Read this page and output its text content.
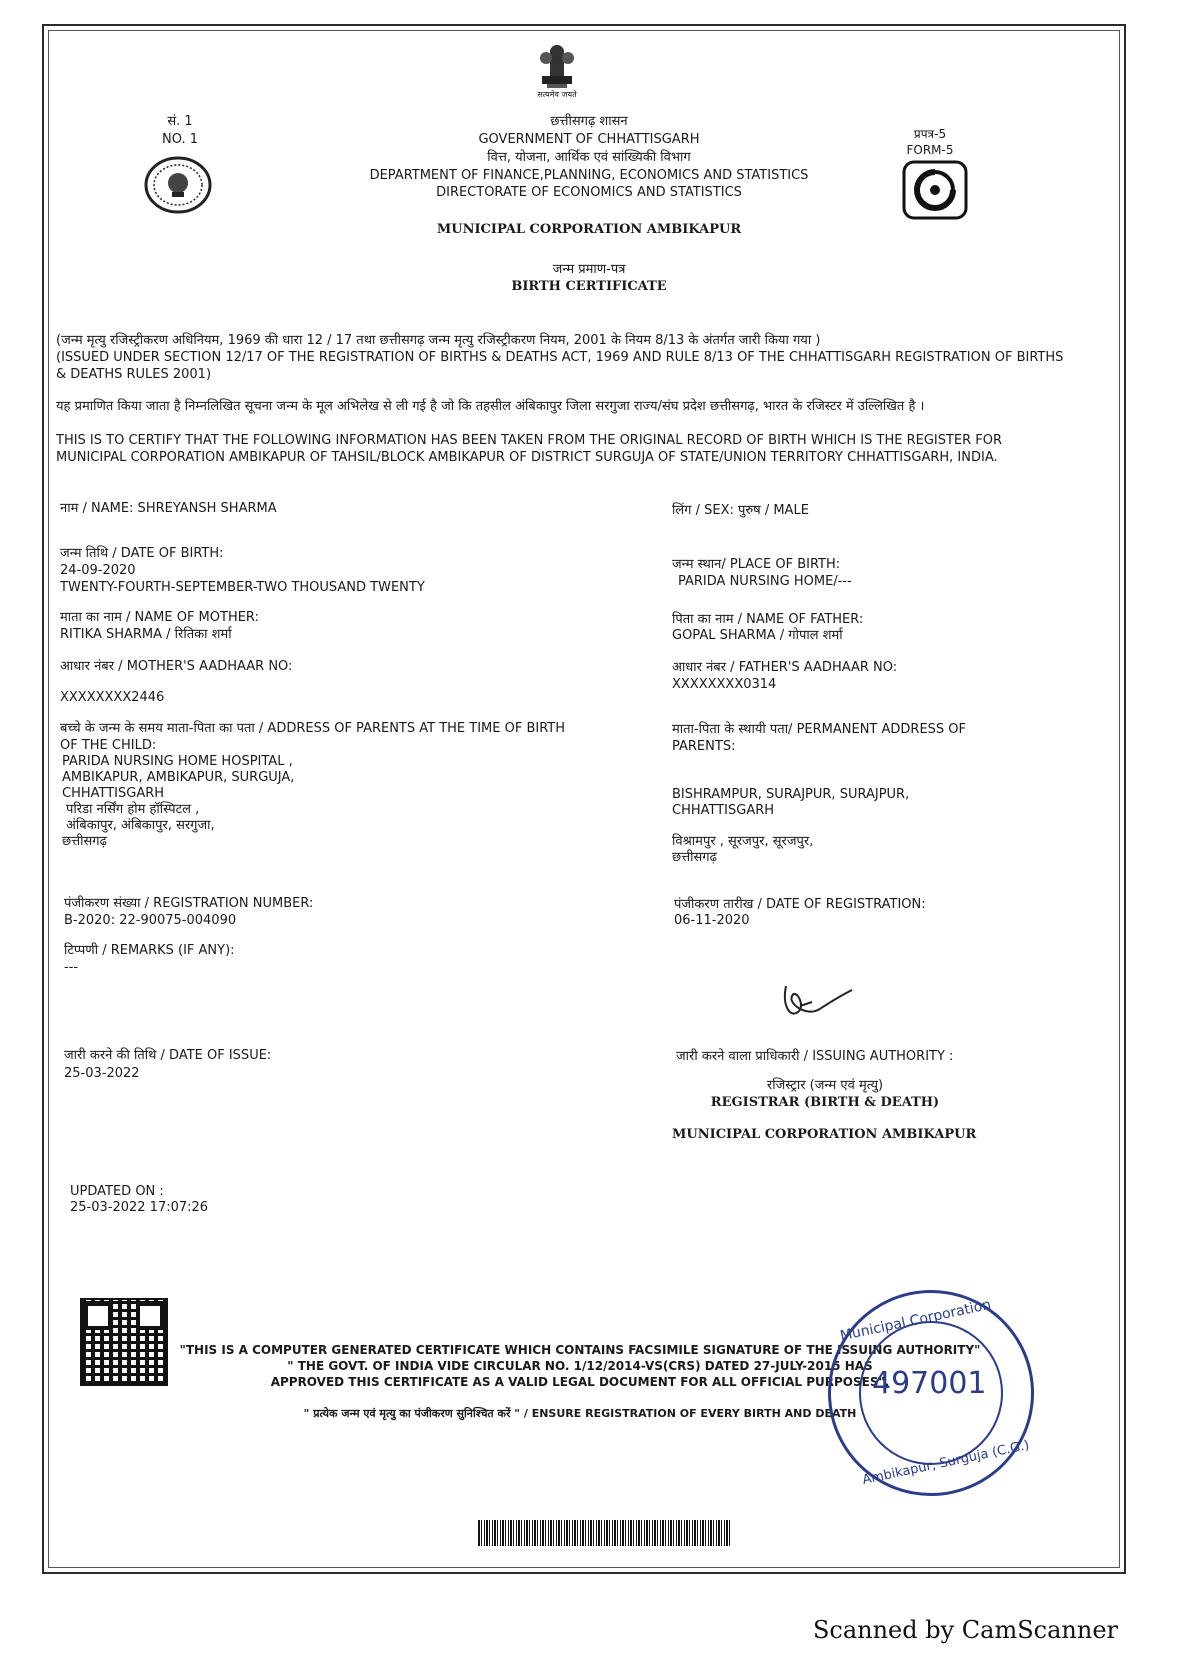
सं. 1
NO. 1
सत्यमेव जयते
छत्तीसगढ़ शासन
GOVERNMENT OF CHHATTISGARH
वित्त, योजना, आर्थिक एवं सांख्यिकी विभाग
DEPARTMENT OF FINANCE,PLANNING, ECONOMICS AND STATISTICS
DIRECTORATE OF ECONOMICS AND STATISTICS
प्रपत्र-5
FORM-5
MUNICIPAL CORPORATION AMBIKAPUR
जन्म प्रमाण-पत्र
BIRTH CERTIFICATE
(जन्म मृत्यु रजिस्ट्रीकरण अधिनियम, 1969 की धारा 12 / 17 तथा छत्तीसगढ़ जन्म मृत्यु रजिस्ट्रीकरण नियम, 2001 के नियम 8/13 के अंतर्गत जारी किया गया )
(ISSUED UNDER SECTION 12/17 OF THE REGISTRATION OF BIRTHS & DEATHS ACT, 1969 AND RULE 8/13 OF THE CHHATTISGARH REGISTRATION OF BIRTHS & DEATHS RULES 2001)
यह प्रमाणित किया जाता है निम्नलिखित सूचना जन्म के मूल अभिलेख से ली गई है जो कि तहसील अंबिकापुर जिला सरगुजा राज्य/संघ प्रदेश छत्तीसगढ़, भारत के रजिस्टर में उल्लिखित है ।
THIS IS TO CERTIFY THAT THE FOLLOWING INFORMATION HAS BEEN TAKEN FROM THE ORIGINAL RECORD OF BIRTH WHICH IS THE REGISTER FOR MUNICIPAL CORPORATION AMBIKAPUR OF TAHSIL/BLOCK AMBIKAPUR OF DISTRICT SURGUJA OF STATE/UNION TERRITORY CHHATTISGARH, INDIA.
नाम / NAME: SHREYANSH SHARMA
जन्म तिथि / DATE OF BIRTH:
24-09-2020
TWENTY-FOURTH-SEPTEMBER-TWO THOUSAND TWENTY
माता का नाम / NAME OF MOTHER:
RITIKA SHARMA / रितिका शर्मा
आधार नंबर / MOTHER'S AADHAAR NO:
XXXXXXXX2446
बच्चे के जन्म के समय माता-पिता का पता / ADDRESS OF PARENTS AT THE TIME OF BIRTH
OF THE CHILD:
PARIDA NURSING HOME HOSPITAL ,
AMBIKAPUR, AMBIKAPUR, SURGUJA,
CHHATTISGARH
परिडा नर्सिंग होम हॉस्पिटल ,
अंबिकापुर, अंबिकापुर, सरगुजा,
छत्तीसगढ़
पंजीकरण संख्या / REGISTRATION NUMBER:
B-2020: 22-90075-004090
टिप्पणी / REMARKS (IF ANY):
---
जारी करने की तिथि / DATE OF ISSUE:
25-03-2022
लिंग / SEX: पुरुष / MALE
जन्म स्थान/ PLACE OF BIRTH:
PARIDA NURSING HOME/---
पिता का नाम / NAME OF FATHER:
GOPAL SHARMA / गोपाल शर्मा
आधार नंबर / FATHER'S AADHAAR NO:
XXXXXXXX0314
माता-पिता के स्थायी पता/ PERMANENT ADDRESS OF
PARENTS:
BISHRAMPUR, SURAJPUR, SURAJPUR,
CHHATTISGARH
विश्रामपुर , सूरजपुर, सूरजपुर,
छत्तीसगढ़
पंजीकरण तारीख / DATE OF REGISTRATION:
06-11-2020
जारी करने वाला प्राधिकारी / ISSUING AUTHORITY :
रजिस्ट्रार (जन्म एवं मृत्यु)
REGISTRAR (BIRTH & DEATH)
MUNICIPAL CORPORATION AMBIKAPUR
UPDATED ON :
25-03-2022 17:07:26
"THIS IS A COMPUTER GENERATED CERTIFICATE WHICH CONTAINS FACSIMILE SIGNATURE OF THE ISSUING AUTHORITY"
" THE GOVT. OF INDIA VIDE CIRCULAR NO. 1/12/2014-VS(CRS) DATED 27-JULY-2015 HAS
APPROVED THIS CERTIFICATE AS A VALID LEGAL DOCUMENT FOR ALL OFFICIAL PURPOSES".
" प्रत्येक जन्म एवं मृत्यु का पंजीकरण सुनिश्चित करें " / ENSURE REGISTRATION OF EVERY BIRTH AND DEATH
Municipal Corporation
Ambikapur, Surguja (C.G.)
497001
Scanned by CamScanner
